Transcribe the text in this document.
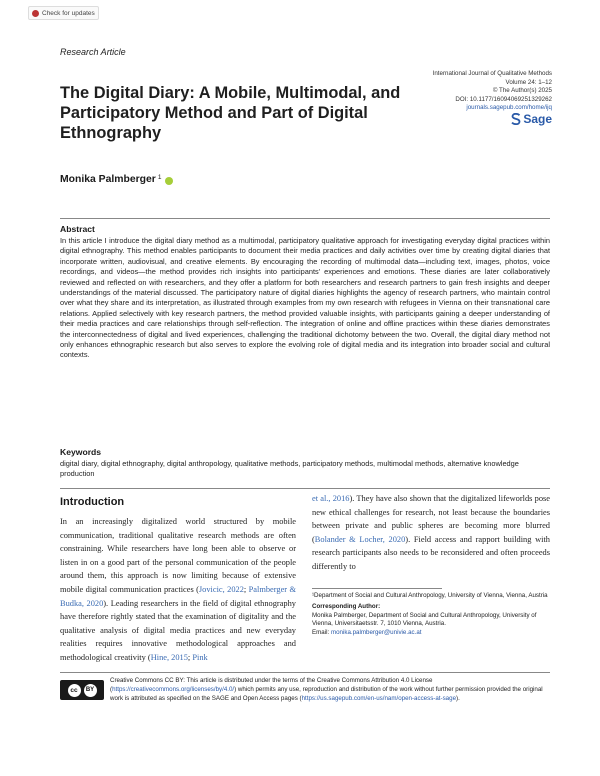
Check for updates
Research Article
The Digital Diary: A Mobile, Multimodal, and Participatory Method and Part of Digital Ethnography
International Journal of Qualitative Methods
Volume 24: 1–12
© The Author(s) 2025
DOI: 10.1177/16094069251329262
journals.sagepub.com/home/ijq
Sage
Monika Palmberger 1
Abstract

In this article I introduce the digital diary method as a multimodal, participatory qualitative approach for investigating everyday digital practices within digital ethnography. This method enables participants to document their media practices and daily activities over time by creating digital diaries that incorporate written, audiovisual, and creative elements. By encouraging the recording of multimodal data—including text, images, photos, voice recordings, and videos—the method provides rich insights into participants' experiences and emotions. These diaries are later collaboratively reviewed and reflected on with researchers, and they offer a platform for both researchers and research partners to gain fresh insights and deeper understandings of the material discussed. The participatory nature of digital diaries highlights the agency of research partners, who maintain control over what they share and its interpretation, as illustrated through examples from my own research with refugees in Vienna on their transnational care relations. Applied selectively with key research partners, the method provided valuable insights, with participants gaining a deeper understanding of their media practices and care relationships through self-reflection. The integration of online and offline practices within these diaries demonstrates the interconnectedness of digital and lived experiences, challenging the traditional dichotomy between the two. Overall, the digital diary method not only enhances ethnographic research but also serves to explore the evolving role of digital media and its integration into broader social and cultural contexts.

Keywords

digital diary, digital ethnography, digital anthropology, qualitative methods, participatory methods, multimodal methods, alternative knowledge production

Introduction

In an increasingly digitalized world structured by mobile communication, traditional qualitative research methods are often constraining. While researchers have long been able to observe or listen in on a good part of the personal communication of the people around them, this approach is now limiting because of extensive mobile digital communication practices (Jovicic, 2022; Palmberger & Budka, 2020). Leading researchers in the field of digital ethnography have therefore rightly stated that the examination of digitality and the qualitative analysis of digital media practices and new everyday realities requires innovative methodological approaches and methodological creativity (Hine, 2015; Pink

et al., 2016). They have also shown that the digitalized lifeworlds pose new ethical challenges for research, not least because the boundaries between private and public spheres are becoming more blurred (Bolander & Locher, 2020). Field access and rapport building with research participants also needs to be reconsidered and often proceeds differently to

¹Department of Social and Cultural Anthropology, University of Vienna, Vienna, Austria

Corresponding Author:

Monika Palmberger, Department of Social and Cultural Anthropology, University of Vienna, Universitaetsstr. 7, 1010 Vienna, Austria.

Email: monika.palmberger@univie.ac.at

cc	BY

Creative Commons CC BY: This article is distributed under the terms of the Creative Commons Attribution 4.0 License (https://creativecommons.org/licenses/by/4.0/) which permits any use, reproduction and distribution of the work without further permission provided the original work is attributed as specified on the SAGE and Open Access pages (https://us.sagepub.com/en-us/nam/open-access-at-sage).
